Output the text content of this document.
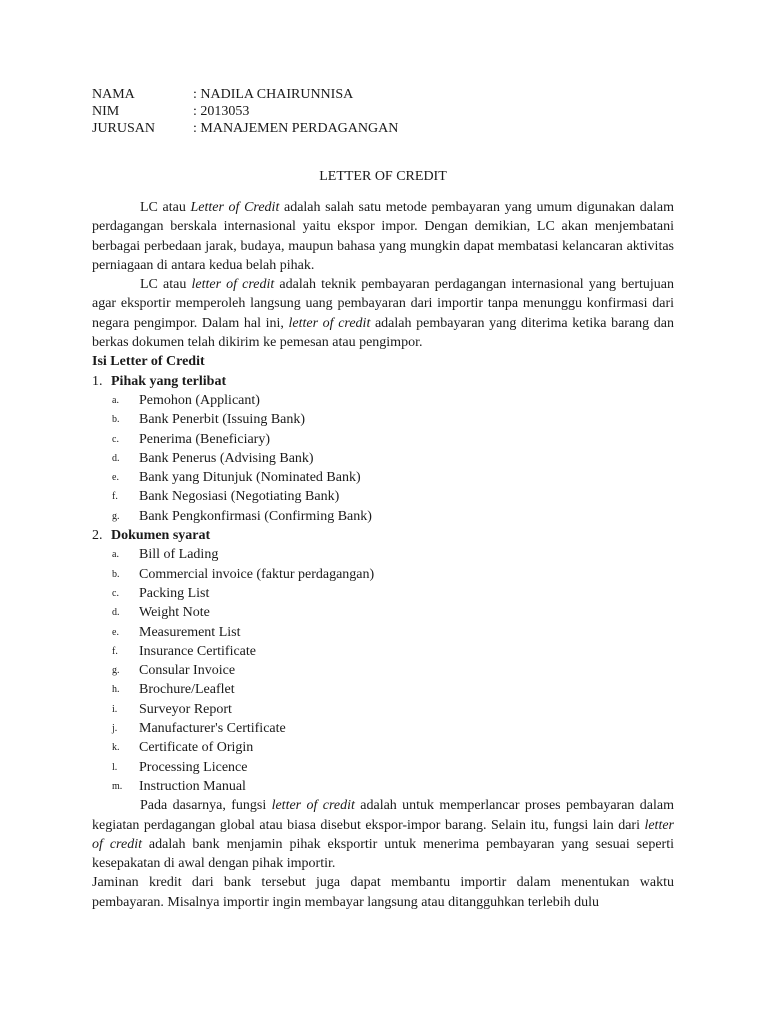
NAMA	: NADILA CHAIRUNNISA
NIM	: 2013053
JURUSAN	: MANAJEMEN PERDAGANGAN
LETTER OF CREDIT

LC atau Letter of Credit adalah salah satu metode pembayaran yang umum digunakan dalam perdagangan berskala internasional yaitu ekspor impor. Dengan demikian, LC akan menjembatani berbagai perbedaan jarak, budaya, maupun bahasa yang mungkin dapat membatasi kelancaran aktivitas perniagaan di antara kedua belah pihak.

LC atau letter of credit adalah teknik pembayaran perdagangan internasional yang bertujuan agar eksportir memperoleh langsung uang pembayaran dari importir tanpa menunggu konfirmasi dari negara pengimpor. Dalam hal ini, letter of credit adalah pembayaran yang diterima ketika barang dan berkas dokumen telah dikirim ke pemesan atau pengimpor.

Isi Letter of Credit
1. Pihak yang terlibat
a. Pemohon (Applicant)
b. Bank Penerbit (Issuing Bank)
c. Penerima (Beneficiary)
d. Bank Penerus (Advising Bank)
e. Bank yang Ditunjuk (Nominated Bank)
f. Bank Negosiasi (Negotiating Bank)
g. Bank Pengkonfirmasi (Confirming Bank)
2. Dokumen syarat
a. Bill of Lading
b. Commercial invoice (faktur perdagangan)
c. Packing List
d. Weight Note
e. Measurement List
f. Insurance Certificate
g. Consular Invoice
h. Brochure/Leaflet
i. Surveyor Report
j. Manufacturer's Certificate
k. Certificate of Origin
l. Processing Licence
m. Instruction Manual

Pada dasarnya, fungsi letter of credit adalah untuk memperlancar proses pembayaran dalam kegiatan perdagangan global atau biasa disebut ekspor-impor barang. Selain itu, fungsi lain dari letter of credit adalah bank menjamin pihak eksportir untuk menerima pembayaran yang sesuai seperti kesepakatan di awal dengan pihak importir.

Jaminan kredit dari bank tersebut juga dapat membantu importir dalam menentukan waktu pembayaran. Misalnya importir ingin membayar langsung atau ditangguhkan terlebih dulu
